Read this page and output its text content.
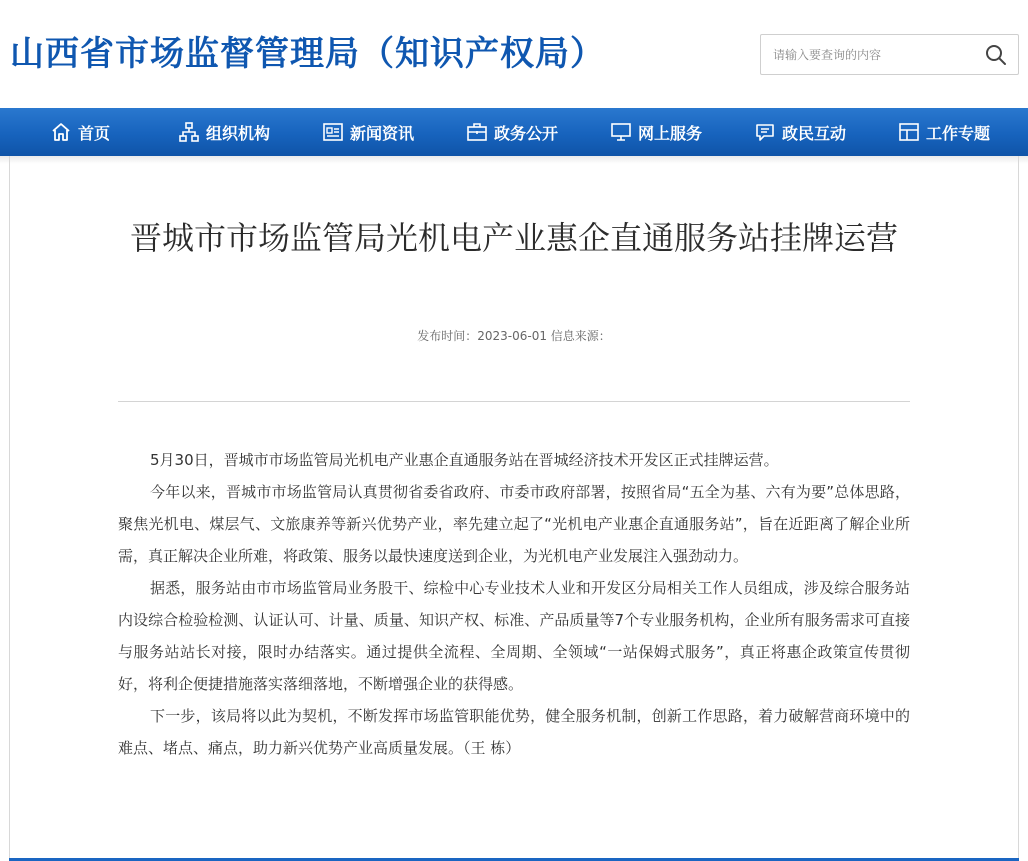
山西省市场监督管理局（知识产权局）
请输入要查询的内容
首页	组织机构	新闻资讯	政务公开	网上服务	政民互动	工作专题
晋城市市场监管局光机电产业惠企直通服务站挂牌运营
发布时间：2023-06-01 信息来源：

5月30日，晋城市市场监管局光机电产业惠企直通服务站在晋城经济技术开发区正式挂牌运营。

今年以来，晋城市市场监管局认真贯彻省委省政府、市委市政府部署，按照省局“五全为基、六有为要”总体思路，聚焦光机电、煤层气、文旅康养等新兴优势产业，率先建立起了“光机电产业惠企直通服务站”，旨在近距离了解企业所需，真正解决企业所难，将政策、服务以最快速度送到企业，为光机电产业发展注入强劲动力。

据悉，服务站由市市场监管局业务股干、综检中心专业技术人业和开发区分局相关工作人员组成，涉及综合服务站内设综合检验检测、认证认可、计量、质量、知识产权、标准、产品质量等7个专业服务机构，企业所有服务需求可直接与服务站站长对接，限时办结落实。通过提供全流程、全周期、全领域“一站保姆式服务”，真正将惠企政策宣传贯彻好，将利企便捷措施落实落细落地，不断增强企业的获得感。

下一步，该局将以此为契机，不断发挥市场监管职能优势，健全服务机制，创新工作思路，着力破解营商环境中的难点、堵点、痛点，助力新兴优势产业高质量发展。（王 栋）
